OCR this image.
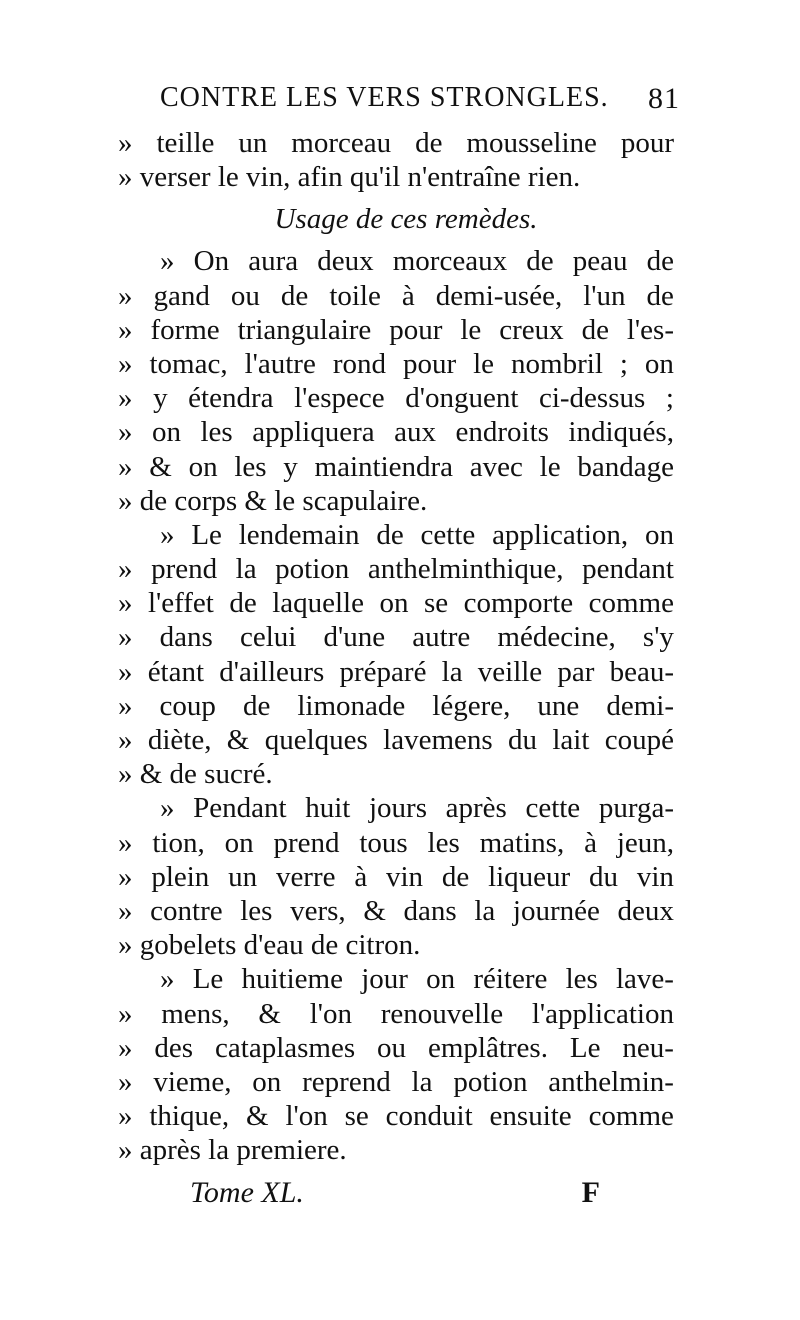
CONTRE LES VERS STRONGLES. 81
» teille un morceau de mousseline pour
» verser le vin, afin qu'il n'entraîne rien.
Usage de ces remèdes.
» On aura deux morceaux de peau de
» gand ou de toile à demi-usée, l'un de
» forme triangulaire pour le creux de l'es-
» tomac, l'autre rond pour le nombril ; on
» y étendra l'espece d'onguent ci-dessus ;
» on les appliquera aux endroits indiqués,
» & on les y maintiendra avec le bandage
» de corps & le scapulaire.
» Le lendemain de cette application, on
» prend la potion anthelminthique, pendant
» l'effet de laquelle on se comporte comme
» dans celui d'une autre médecine, s'y
» étant d'ailleurs préparé la veille par beau-
» coup de limonade légere, une demi-
» diète, & quelques lavemens du lait coupé
» & de sucré.
» Pendant huit jours après cette purga-
» tion, on prend tous les matins, à jeun,
» plein un verre à vin de liqueur du vin
» contre les vers, & dans la journée deux
» gobelets d'eau de citron.
» Le huitieme jour on réitere les lave-
» mens, & l'on renouvelle l'application
» des cataplasmes ou emplâtres. Le neu-
» vieme, on reprend la potion anthelmin-
» thique, & l'on se conduit ensuite comme
» après la premiere.
Tome XL.	F
